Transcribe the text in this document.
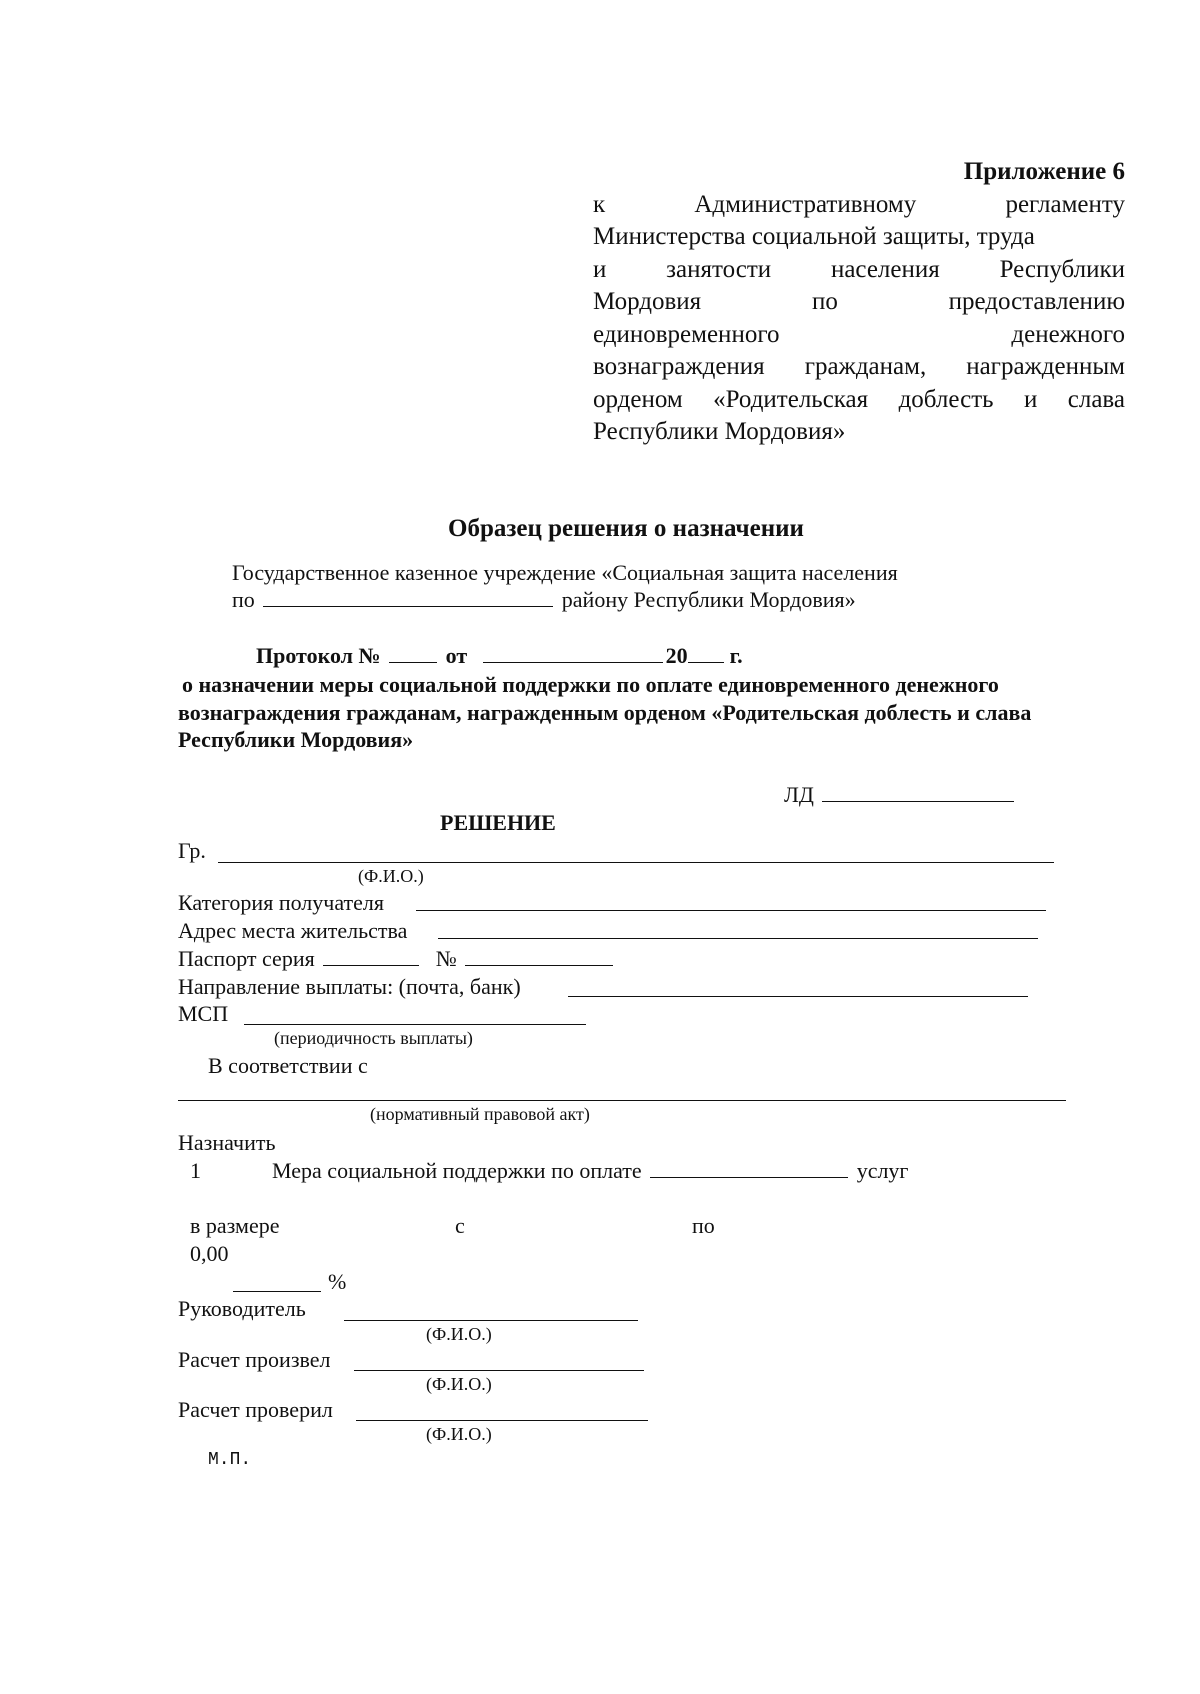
Приложение 6
к Административному регламенту
Министерства социальной защиты, труда
и занятости населения Республики
Мордовия по предоставлению
единовременного денежного
вознаграждения гражданам, награжденным
орденом «Родительская доблесть и слава
Республики Мордовия»
Образец решения о назначении
Государственное казенное учреждение «Социальная защита населения
по	району Республики Мордовия»
Протокол №	от	20 г.
о назначении меры социальной поддержки по оплате единовременного денежного
вознаграждения гражданам, награжденным орденом «Родительская доблесть и слава
Республики Мордовия»
ЛД
РЕШЕНИЕ
Гр.
(Ф.И.О.)
Категория получателя
Адрес места жительства
Паспорт серия	№
Направление выплаты: (почта, банк)
МСП
(периодичность выплаты)
В соответствии с
(нормативный правовой акт)
Назначить
1	Мера социальной поддержки по оплате	услуг
в размере	с	по
0,00
%
Руководитель
(Ф.И.О.)
Расчет произвел
(Ф.И.О.)
Расчет проверил
(Ф.И.О.)
М.П.
